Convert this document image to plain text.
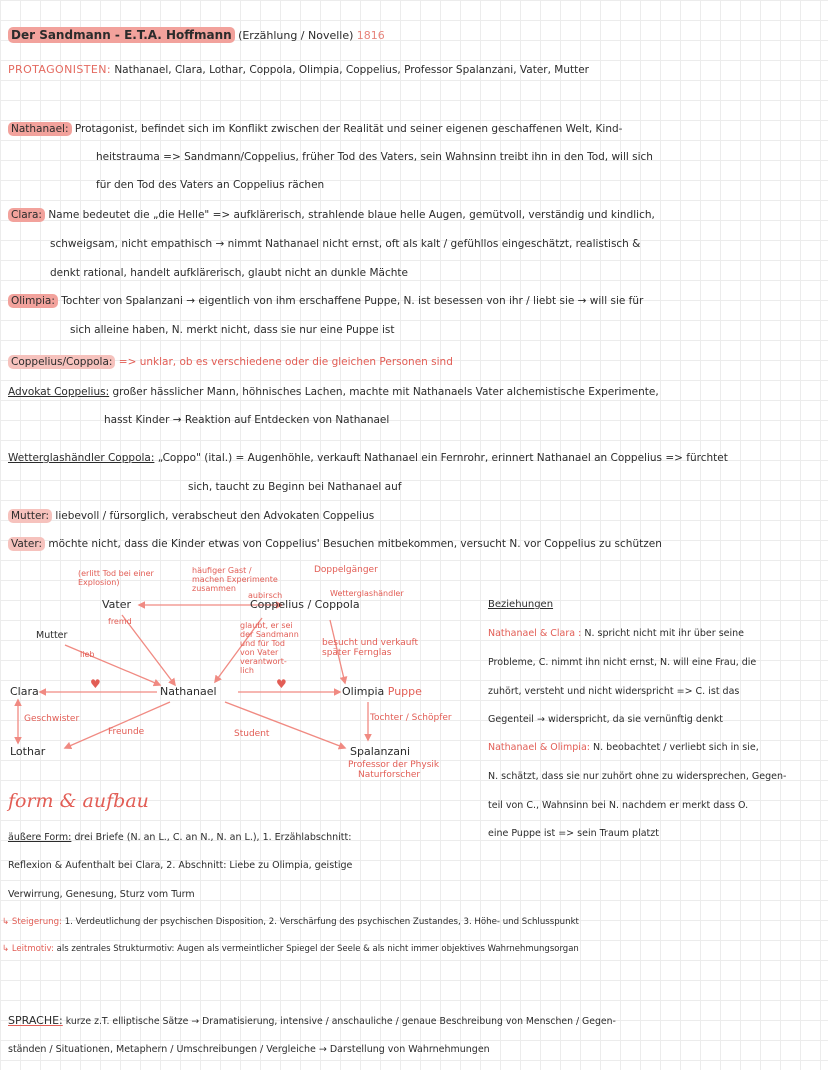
Der Sandmann - E.T.A. Hoffmann (Erzählung / Novelle) 1816
PROTAGONISTEN: Nathanael, Clara, Lothar, Coppola, Olimpia, Coppelius, Professor Spalanzani, Vater, Mutter
Nathanael: Protagonist, befindet sich im Konflikt zwischen der Realität und seiner eigenen geschaffenen Welt, Kind-
heitstrauma => Sandmann/Coppelius, früher Tod des Vaters, sein Wahnsinn treibt ihn in den Tod, will sich
für den Tod des Vaters an Coppelius rächen
Clara: Name bedeutet die „die Helle" => aufklärerisch, strahlende blaue helle Augen, gemütvoll, verständig und kindlich,
schweigsam, nicht empathisch → nimmt Nathanael nicht ernst, oft als kalt / gefühllos eingeschätzt, realistisch &
denkt rational, handelt aufklärerisch, glaubt nicht an dunkle Mächte
Olimpia: Tochter von Spalanzani → eigentlich von ihm erschaffene Puppe, N. ist besessen von ihr / liebt sie → will sie für
sich alleine haben, N. merkt nicht, dass sie nur eine Puppe ist
Coppelius/Coppola: => unklar, ob es verschiedene oder die gleichen Personen sind
Advokat Coppelius: großer hässlicher Mann, höhnisches Lachen, machte mit Nathanaels Vater alchemistische Experimente,
hasst Kinder → Reaktion auf Entdecken von Nathanael
Wetterglashändler Coppola: „Coppo" (ital.) = Augenhöhle, verkauft Nathanael ein Fernrohr, erinnert Nathanael an Coppelius => fürchtet
sich, taucht zu Beginn bei Nathanael auf
Mutter: liebevoll / fürsorglich, verabscheut den Advokaten Coppelius
Vater: möchte nicht, dass die Kinder etwas von Coppelius' Besuchen mitbekommen, versucht N. vor Coppelius zu schützen
(erlitt Tod bei einer
Explosion)
häufiger Gast /
machen Experimente
zusammen
aubirsch
Doppelgänger
Wetterglashändler
Vater	Coppelius / Coppola
fremd
Mutter
lieb
glaubt, er sei
der Sandmann
und für Tod
von Vater
verantwort-
lich
besucht und verkauft
später Fernglas
♥	♥
Clara	Nathanael	Olimpia Puppe
Geschwister	Tochter / Schöpfer
Freunde	Student
Lothar	Spalanzani
Professor der Physik
Naturforscher
Beziehungen
Nathanael & Clara : N. spricht nicht mit ihr über seine
Probleme, C. nimmt ihn nicht ernst, N. will eine Frau, die
zuhört, versteht und nicht widerspricht => C. ist das
Gegenteil → widerspricht, da sie vernünftig denkt
Nathanael & Olimpia: N. beobachtet / verliebt sich in sie,
N. schätzt, dass sie nur zuhört ohne zu widersprechen, Gegen-
teil von C., Wahnsinn bei N. nachdem er merkt dass O.
eine Puppe ist => sein Traum platzt
form & aufbau
äußere Form: drei Briefe (N. an L., C. an N., N. an L.), 1. Erzählabschnitt:
Reflexion & Aufenthalt bei Clara, 2. Abschnitt: Liebe zu Olimpia, geistige
Verwirrung, Genesung, Sturz vom Turm
↳ Steigerung: 1. Verdeutlichung der psychischen Disposition, 2. Verschärfung des psychischen Zustandes, 3. Höhe- und Schlusspunkt
↳ Leitmotiv: als zentrales Strukturmotiv: Augen als vermeintlicher Spiegel der Seele & als nicht immer objektives Wahrnehmungsorgan
SPRACHE: kurze z.T. elliptische Sätze → Dramatisierung, intensive / anschauliche / genaue Beschreibung von Menschen / Gegen-
ständen / Situationen, Metaphern / Umschreibungen / Vergleiche → Darstellung von Wahrnehmungen
